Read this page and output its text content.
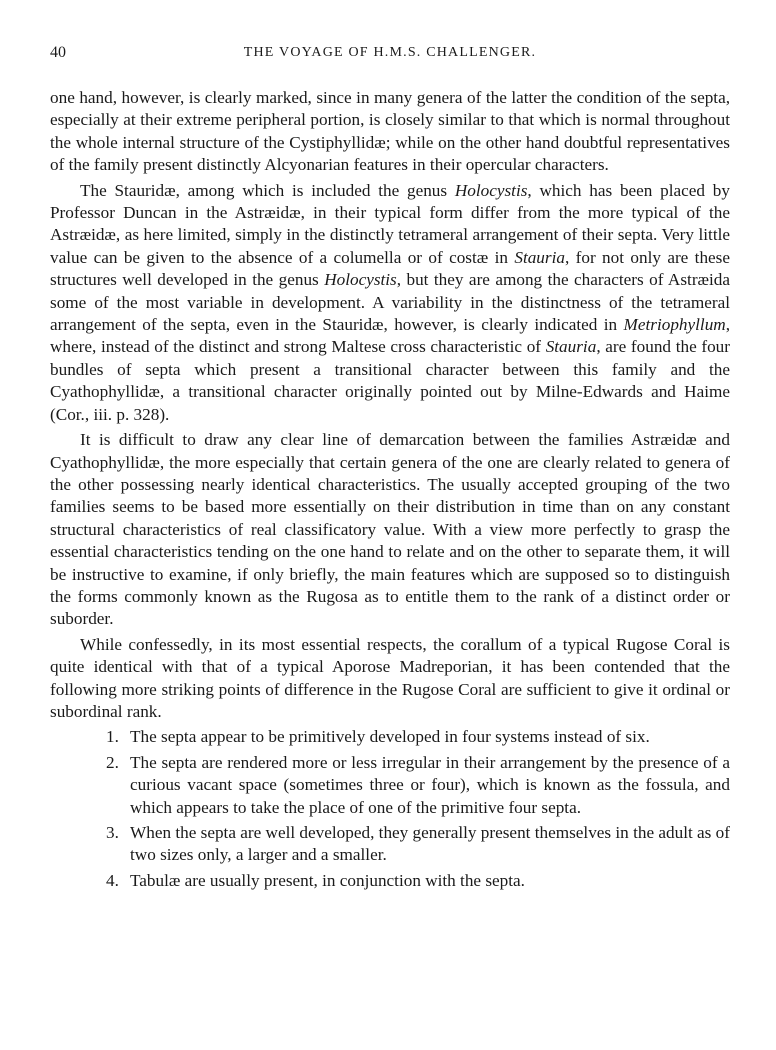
40	THE VOYAGE OF H.M.S. CHALLENGER.

one hand, however, is clearly marked, since in many genera of the latter the condition of the septa, especially at their extreme peripheral portion, is closely similar to that which is normal throughout the whole internal structure of the Cystiphyllidæ; while on the other hand doubtful representatives of the family present distinctly Alcyonarian features in their opercular characters.

The Stauridæ, among which is included the genus Holocystis, which has been placed by Professor Duncan in the Astræidæ, in their typical form differ from the more typical of the Astræidæ, as here limited, simply in the distinctly tetrameral arrangement of their septa. Very little value can be given to the absence of a columella or of costæ in Stauria, for not only are these structures well developed in the genus Holocystis, but they are among the characters of Astræida some of the most variable in development. A variability in the distinctness of the tetrameral arrangement of the septa, even in the Stauridæ, however, is clearly indicated in Metriophyllum, where, instead of the distinct and strong Maltese cross characteristic of Stauria, are found the four bundles of septa which present a transitional character between this family and the Cyathophyllidæ, a transitional character originally pointed out by Milne-Edwards and Haime (Cor., iii. p. 328).

It is difficult to draw any clear line of demarcation between the families Astræidæ and Cyathophyllidæ, the more especially that certain genera of the one are clearly related to genera of the other possessing nearly identical characteristics. The usually accepted grouping of the two families seems to be based more essentially on their distribution in time than on any constant structural characteristics of real classificatory value. With a view more perfectly to grasp the essential characteristics tending on the one hand to relate and on the other to separate them, it will be instructive to examine, if only briefly, the main features which are supposed so to distinguish the forms commonly known as the Rugosa as to entitle them to the rank of a distinct order or suborder.

While confessedly, in its most essential respects, the corallum of a typical Rugose Coral is quite identical with that of a typical Aporose Madreporian, it has been contended that the following more striking points of difference in the Rugose Coral are sufficient to give it ordinal or subordinal rank.

1. The septa appear to be primitively developed in four systems instead of six.
2. The septa are rendered more or less irregular in their arrangement by the presence of a curious vacant space (sometimes three or four), which is known as the fossula, and which appears to take the place of one of the primitive four septa.
3. When the septa are well developed, they generally present themselves in the adult as of two sizes only, a larger and a smaller.
4. Tabulæ are usually present, in conjunction with the septa.
